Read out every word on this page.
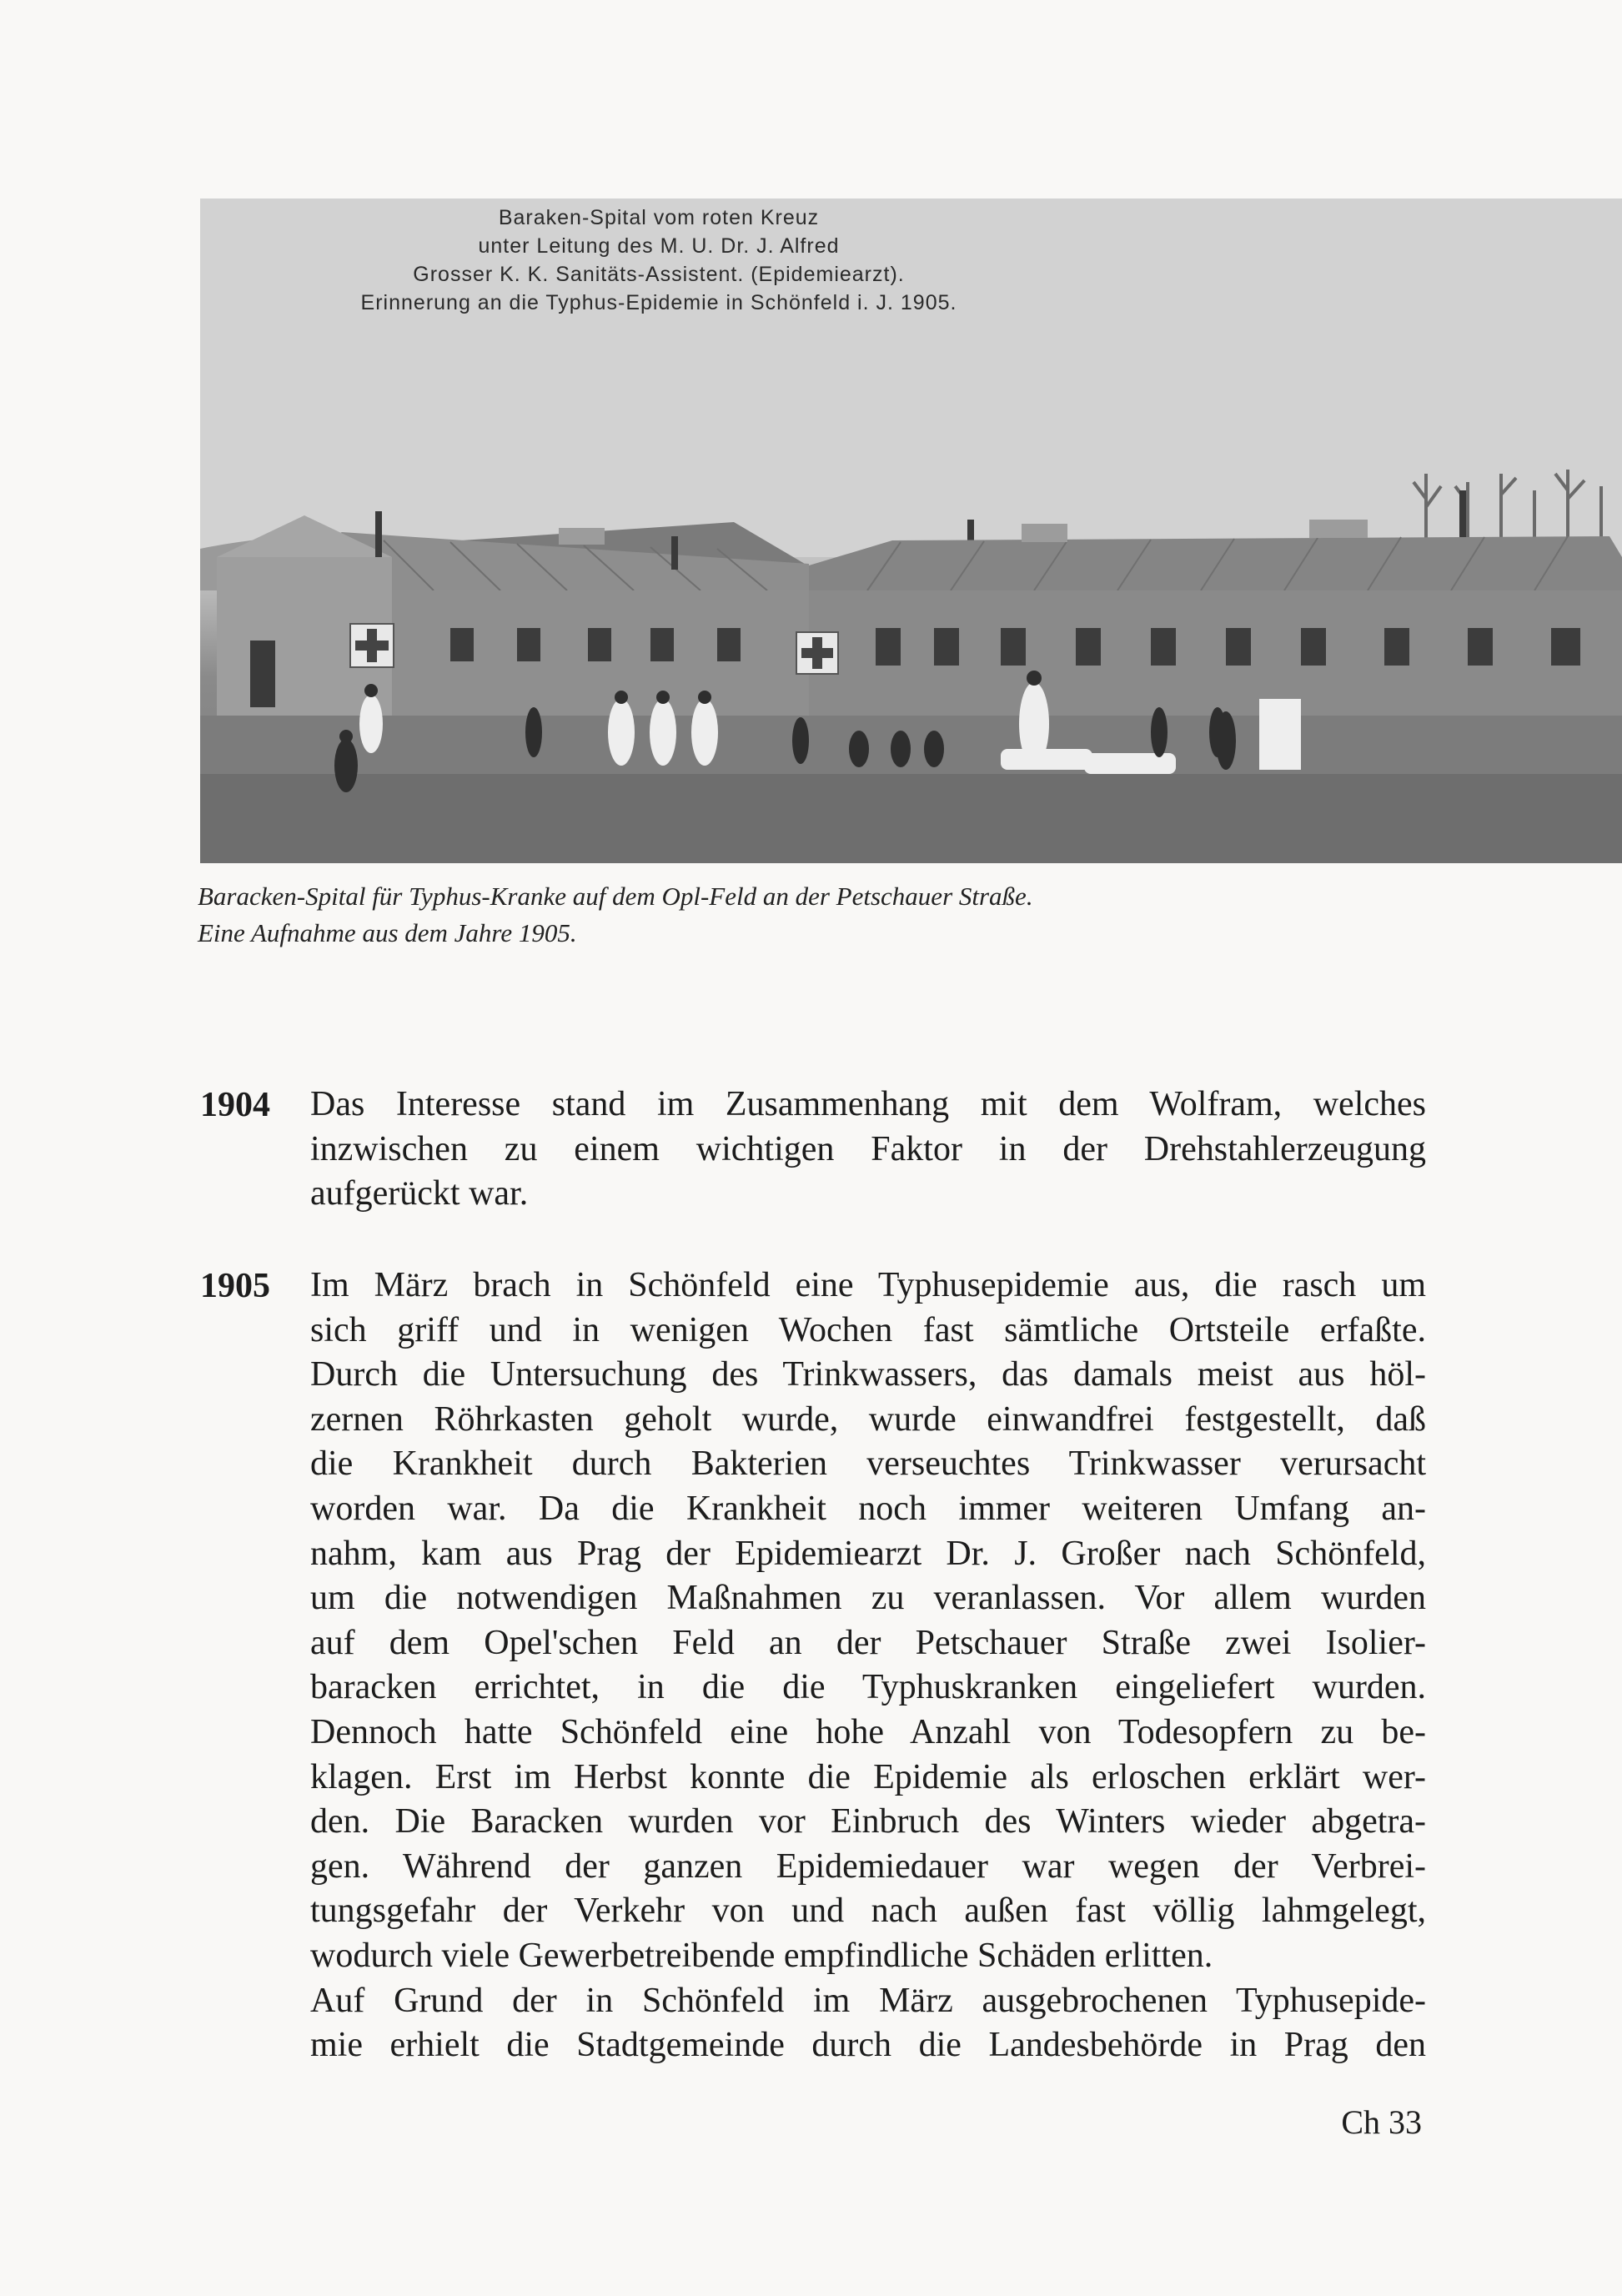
Baraken-Spital vom roten Kreuz
unter Leitung des M. U. Dr. J. Alfred
Grosser K. K. Sanitäts-Assistent. (Epidemiearzt).
Erinnerung an die Typhus-Epidemie in Schönfeld i. J. 1905.
Baracken-Spital für Typhus-Kranke auf dem Opl-Feld an der Petschauer Straße.
Eine Aufnahme aus dem Jahre 1905.
1904 Das Interesse stand im Zusammenhang mit dem Wolfram, welches
inzwischen zu einem wichtigen Faktor in der Drehstahlerzeugung
aufgerückt war.
1905 Im März brach in Schönfeld eine Typhusepidemie aus, die rasch um
sich griff und in wenigen Wochen fast sämtliche Ortsteile erfaßte.
Durch die Untersuchung des Trinkwassers, das damals meist aus höl-
zernen Röhrkasten geholt wurde, wurde einwandfrei festgestellt, daß
die Krankheit durch Bakterien verseuchtes Trinkwasser verursacht
worden war. Da die Krankheit noch immer weiteren Umfang an-
nahm, kam aus Prag der Epidemiearzt Dr. J. Großer nach Schönfeld,
um die notwendigen Maßnahmen zu veranlassen. Vor allem wurden
auf dem Opel'schen Feld an der Petschauer Straße zwei Isolier-
baracken errichtet, in die die Typhuskranken eingeliefert wurden.
Dennoch hatte Schönfeld eine hohe Anzahl von Todesopfern zu be-
klagen. Erst im Herbst konnte die Epidemie als erloschen erklärt wer-
den. Die Baracken wurden vor Einbruch des Winters wieder abgetra-
gen. Während der ganzen Epidemiedauer war wegen der Verbrei-
tungsgefahr der Verkehr von und nach außen fast völlig lahmgelegt,
wodurch viele Gewerbetreibende empfindliche Schäden erlitten.
Auf Grund der in Schönfeld im März ausgebrochenen Typhusepide-
mie erhielt die Stadtgemeinde durch die Landesbehörde in Prag den
Ch 33
